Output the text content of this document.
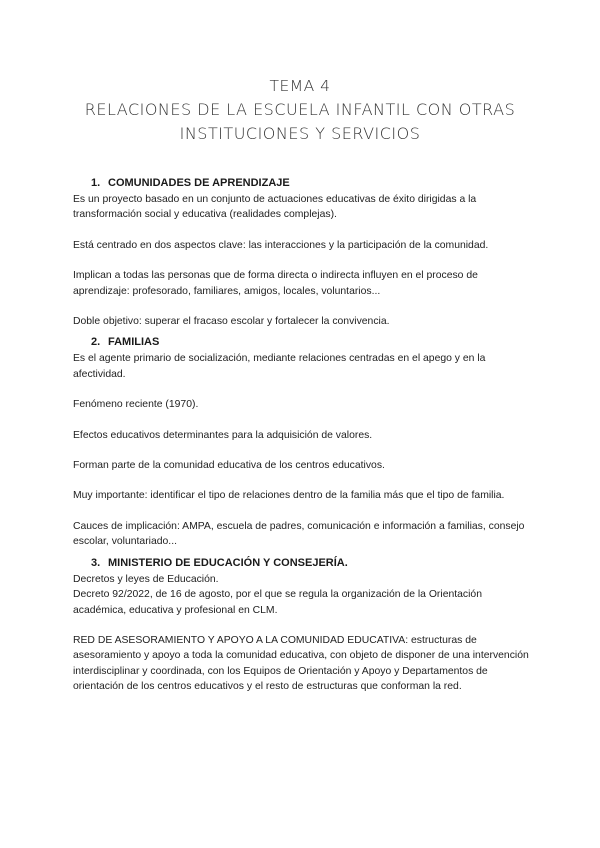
TEMA 4

RELACIONES DE LA ESCUELA INFANTIL CON OTRAS

INSTITUCIONES Y SERVICIOS

1. COMUNIDADES DE APRENDIZAJE

Es un proyecto basado en un conjunto de actuaciones educativas de éxito dirigidas a la transformación social y educativa (realidades complejas).

Está centrado en dos aspectos clave: las interacciones y la participación de la comunidad.

Implican a todas las personas que de forma directa o indirecta influyen en el proceso de aprendizaje: profesorado, familiares, amigos, locales, voluntarios...

Doble objetivo: superar el fracaso escolar y fortalecer la convivencia.

2. FAMILIAS

Es el agente primario de socialización, mediante relaciones centradas en el apego y en la afectividad.

Fenómeno reciente (1970).

Efectos educativos determinantes para la adquisición de valores.

Forman parte de la comunidad educativa de los centros educativos.

Muy importante: identificar el tipo de relaciones dentro de la familia más que el tipo de familia.

Cauces de implicación: AMPA, escuela de padres, comunicación e información a familias, consejo escolar, voluntariado...

3. MINISTERIO DE EDUCACIÓN Y CONSEJERÍA.

Decretos y leyes de Educación.

Decreto 92/2022, de 16 de agosto, por el que se regula la organización de la Orientación académica, educativa y profesional en CLM.

RED DE ASESORAMIENTO Y APOYO A LA COMUNIDAD EDUCATIVA: estructuras de asesoramiento y apoyo a toda la comunidad educativa, con objeto de disponer de una intervención interdisciplinar y coordinada, con los Equipos de Orientación y Apoyo y Departamentos de orientación de los centros educativos y el resto de estructuras que conforman la red.
